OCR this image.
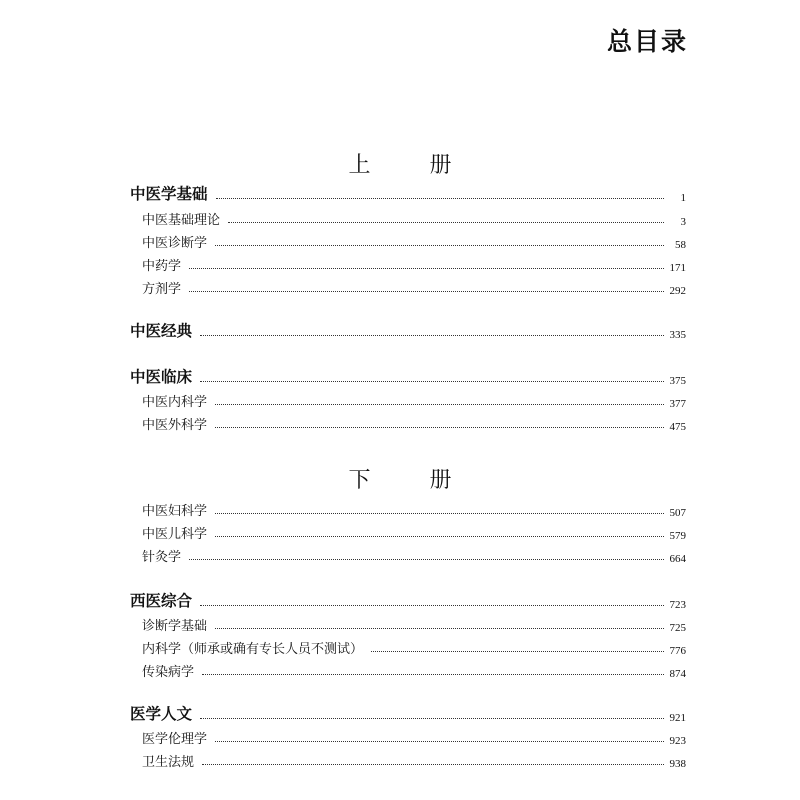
总目录
上 册
中医学基础	1
中医基础理论	3
中医诊断学	58
中药学	171
方剂学	292
中医经典	335
中医临床	375
中医内科学	377
中医外科学	475
下 册
中医妇科学	507
中医儿科学	579
针灸学	664
西医综合	723
诊断学基础	725
内科学（师承或确有专长人员不测试）	776
传染病学	874
医学人文	921
医学伦理学	923
卫生法规	938
